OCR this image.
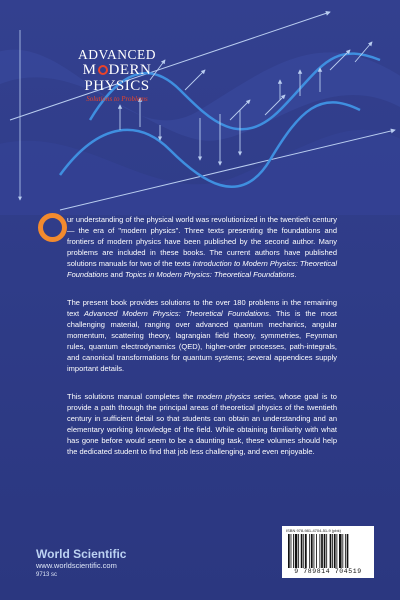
ADVANCED
M DERN
PHYSICS
Solutions to Problems
ur understanding of the physical world was revolutionized in the twentieth century — the era of "modern physics". Three texts presenting the foundations and frontiers of modern physics have been published by the second author. Many problems are included in these books. The current authors have published solutions manuals for two of the texts Introduction to Modern Physics: Theoretical Foundations and Topics in Modern Physics: Theoretical Foundations.
The present book provides solutions to the over 180 problems in the remaining text Advanced Modern Physics: Theoretical Foundations. This is the most challenging material, ranging over advanced quantum mechanics, angular momentum, scattering theory, lagrangian field theory, symmetries, Feynman rules, quantum electrodynamics (QED), higher-order processes, path-integrals, and canonical transformations for quantum systems; several appendices supply important details.
This solutions manual completes the modern physics series, whose goal is to provide a path through the principal areas of theoretical physics of the twentieth century in sufficient detail so that students can obtain an understanding and an elementary working knowledge of the field. While obtaining familiarity with what has gone before would seem to be a daunting task, these volumes should help the dedicated student to find that job less challenging, and even enjoyable.
World Scientific
www.worldscientific.com
9713 sc
ISBN 978-981-4704-51-9 (pbk)
9 789814 704519
